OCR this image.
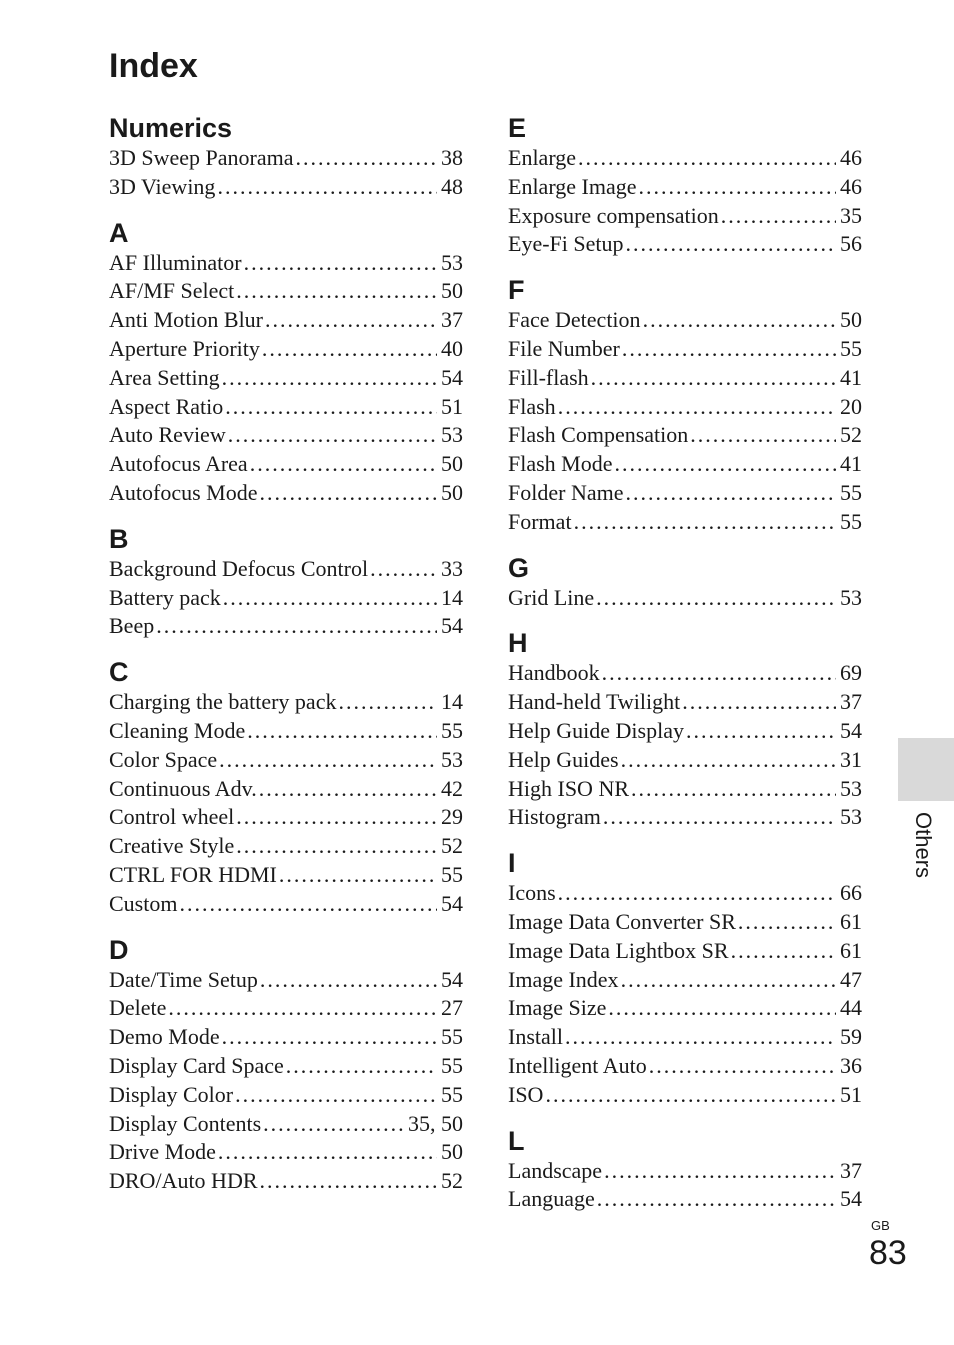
Index
Numerics
3D Sweep Panorama .....	38
3D Viewing .....	48
A
AF Illuminator .....	53
AF/MF Select .....	50
Anti Motion Blur .....	37
Aperture Priority .....	40
Area Setting .....	54
Aspect Ratio .....	51
Auto Review .....	53
Autofocus Area .....	50
Autofocus Mode .....	50
B
Background Defocus Control .....	33
Battery pack .....	14
Beep .....	54
C
Charging the battery pack .....	14
Cleaning Mode .....	55
Color Space .....	53
Continuous Adv. .....	42
Control wheel .....	29
Creative Style .....	52
CTRL FOR HDMI .....	55
Custom .....	54
D
Date/Time Setup .....	54
Delete .....	27
Demo Mode .....	55
Display Card Space .....	55
Display Color .....	55
Display Contents .....	35, 50
Drive Mode .....	50
DRO/Auto HDR .....	52
E
Enlarge .....	46
Enlarge Image .....	46
Exposure compensation .....	35
Eye-Fi Setup .....	56
F
Face Detection .....	50
File Number .....	55
Fill-flash .....	41
Flash .....	20
Flash Compensation .....	52
Flash Mode .....	41
Folder Name .....	55
Format .....	55
G
Grid Line .....	53
H
Handbook .....	69
Hand-held Twilight .....	37
Help Guide Display .....	54
Help Guides .....	31
High ISO NR .....	53
Histogram .....	53
I
Icons .....	66
Image Data Converter SR .....	61
Image Data Lightbox SR .....	61
Image Index .....	47
Image Size .....	44
Install .....	59
Intelligent Auto .....	36
ISO .....	51
L
Landscape .....	37
Language .....	54
Others
GB
83
